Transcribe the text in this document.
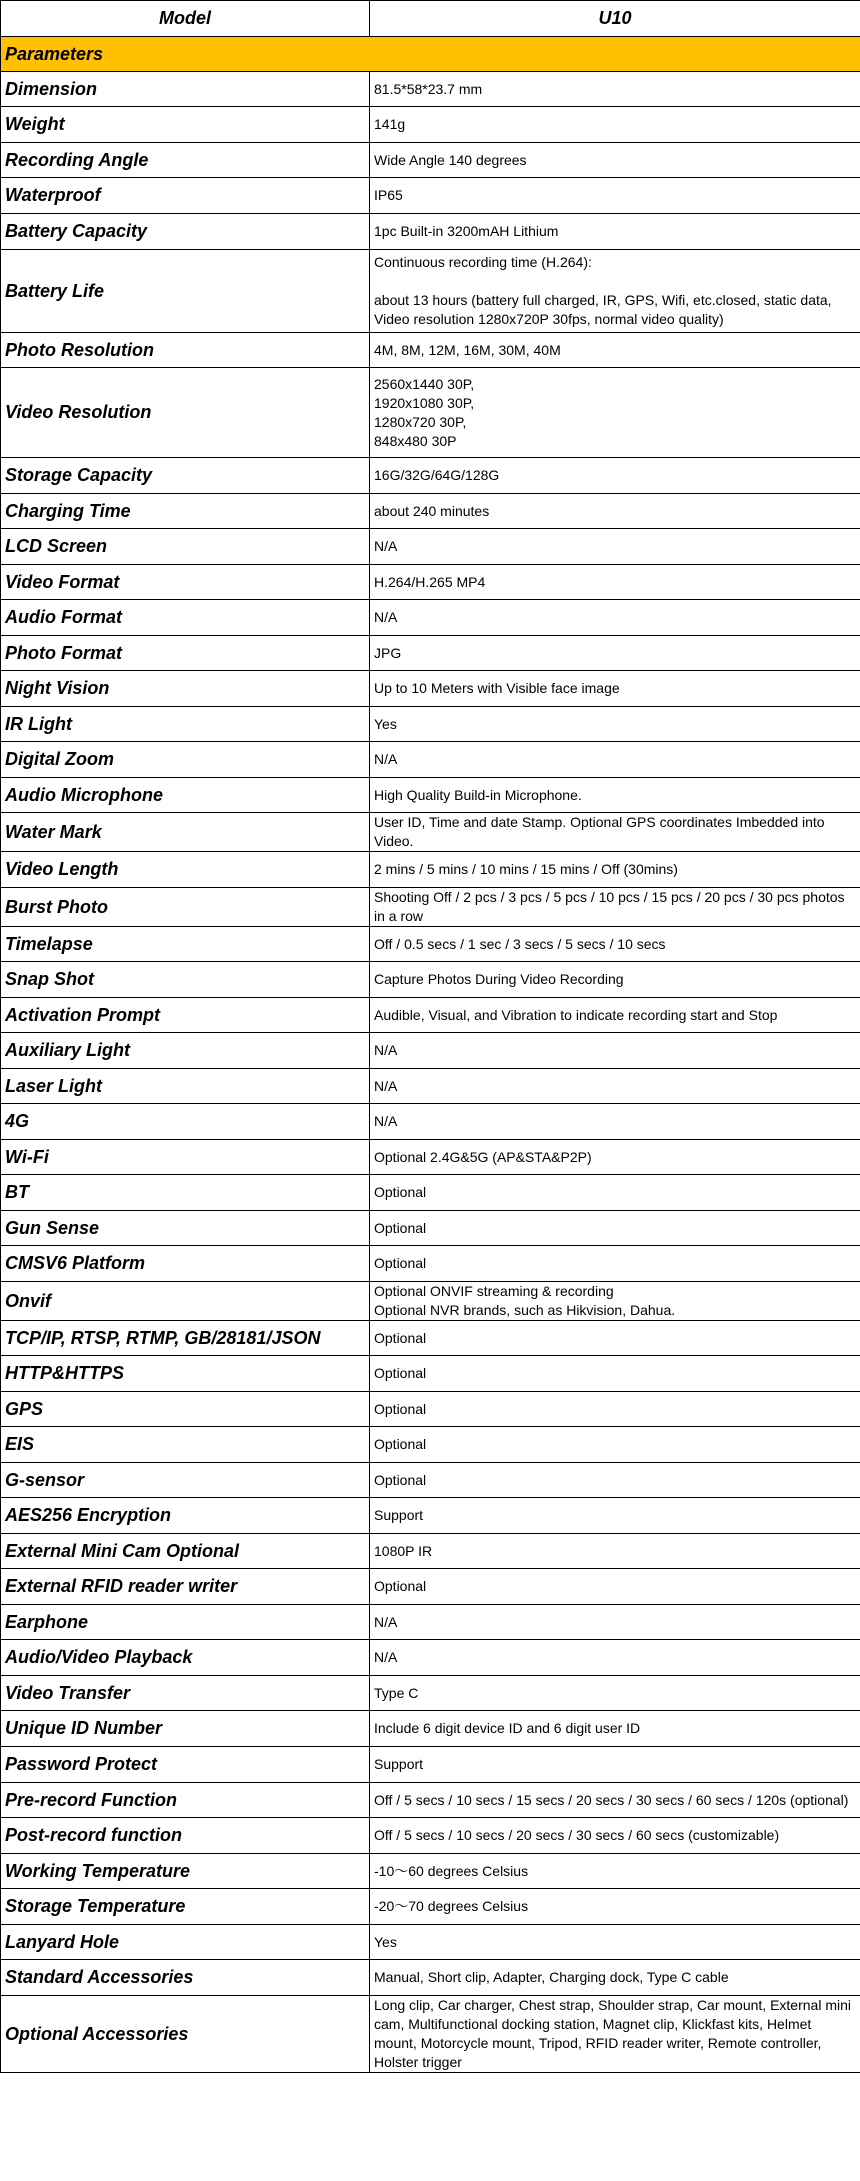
Model	U10
Parameters	
Dimension	81.5*58*23.7 mm

Weight	141g

Recording Angle	Wide Angle 140 degrees

Waterproof	IP65

Battery Capacity	1pc Built-in 3200mAH Lithium

Battery Life	Continuous recording time (H.264):
about 13 hours (battery full charged, IR, GPS, Wifi, etc.closed, static data, Video resolution 1280x720P 30fps, normal video quality)

Photo Resolution	4M, 8M, 12M, 16M, 30M, 40M

Video Resolution	2560x1440 30P,
1920x1080 30P,
1280x720 30P,
848x480 30P

Storage Capacity	16G/32G/64G/128G

Charging Time	about 240 minutes

LCD Screen	N/A

Video Format	H.264/H.265 MP4

Audio Format	N/A

Photo Format	JPG

Night Vision	Up to 10 Meters with Visible face image

IR Light	Yes

Digital Zoom	N/A

Audio Microphone	High Quality Build-in Microphone.

Water Mark	User ID, Time and date Stamp. Optional GPS coordinates Imbedded into Video.

Video Length	2 mins / 5 mins / 10 mins / 15 mins / Off (30mins)

Burst Photo	Shooting Off / 2 pcs / 3 pcs / 5 pcs / 10 pcs / 15 pcs / 20 pcs / 30 pcs photos in a row

Timelapse	Off / 0.5 secs / 1 sec / 3 secs / 5 secs / 10 secs

Snap Shot	Capture Photos During Video Recording

Activation Prompt	Audible, Visual, and Vibration to indicate recording start and Stop

Auxiliary Light	N/A

Laser Light	N/A

4G	N/A

Wi-Fi	Optional 2.4G&5G (AP&STA&P2P)

BT	Optional

Gun Sense	Optional

CMSV6 Platform	Optional

Onvif	Optional ONVIF streaming & recording
Optional NVR brands, such as Hikvision, Dahua.

TCP/IP, RTSP, RTMP, GB/28181/JSON	Optional

HTTP&HTTPS	Optional

GPS	Optional

EIS	Optional

G-sensor	Optional

AES256 Encryption	Support

External Mini Cam Optional	1080P IR

External RFID reader writer	Optional

Earphone	N/A

Audio/Video Playback	N/A

Video Transfer	Type C

Unique ID Number	Include 6 digit device ID and 6 digit user ID

Password Protect	Support

Pre-record Function	Off / 5 secs / 10 secs / 15 secs / 20 secs / 30 secs / 60 secs / 120s (optional)

Post-record function	Off / 5 secs / 10 secs / 20 secs / 30 secs / 60 secs (customizable)

Working Temperature	-10～60 degrees Celsius

Storage Temperature	-20～70 degrees Celsius

Lanyard Hole	Yes

Standard Accessories	Manual, Short clip, Adapter, Charging dock, Type C cable

Optional Accessories	Long clip, Car charger, Chest strap, Shoulder strap, Car mount, External mini cam, Multifunctional docking station, Magnet clip, Klickfast kits, Helmet mount, Motorcycle mount, Tripod, RFID reader writer, Remote controller, Holster trigger
